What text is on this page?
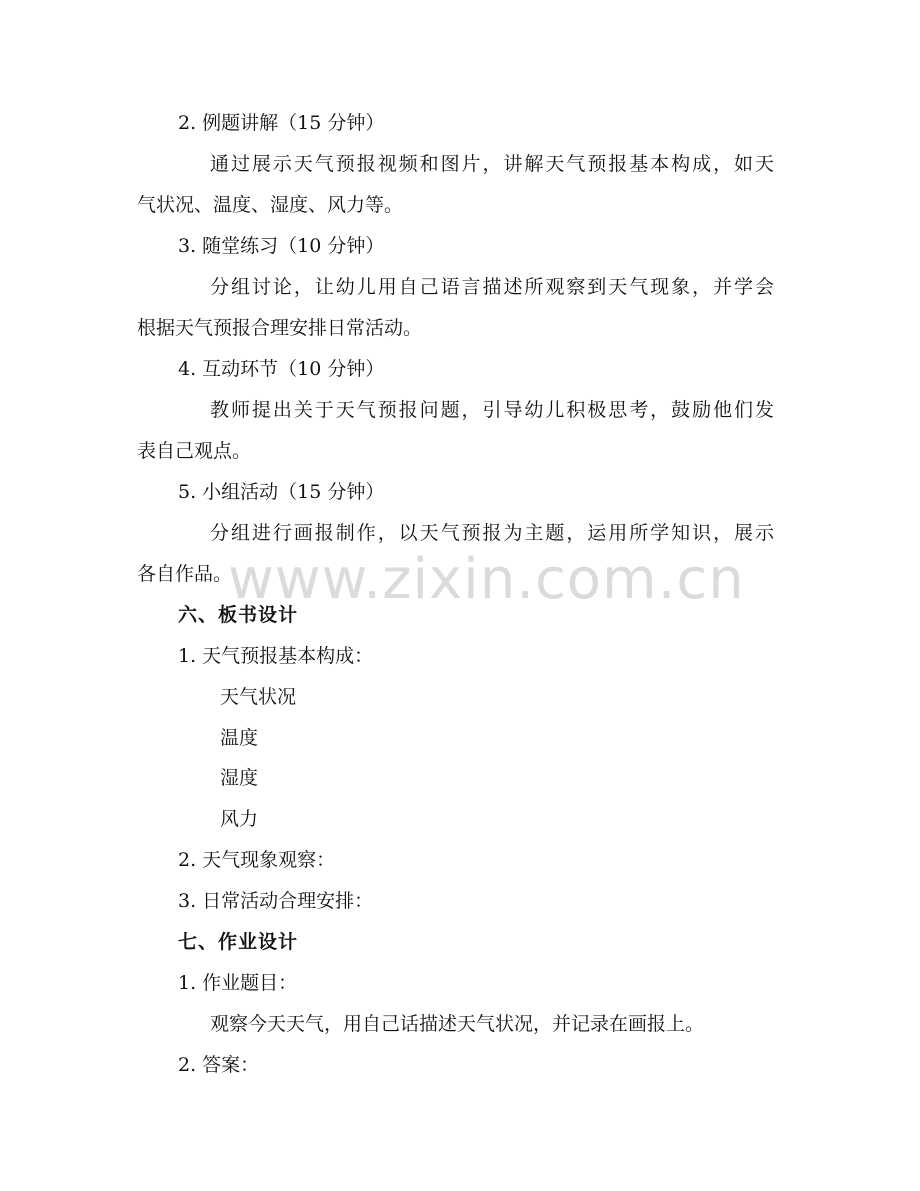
2. 例题讲解（15 分钟）
通过展示天气预报视频和图片，讲解天气预报基本构成，如天
气状况、温度、湿度、风力等。
3. 随堂练习（10 分钟）
分组讨论，让幼儿用自己语言描述所观察到天气现象，并学会
根据天气预报合理安排日常活动。
4. 互动环节（10 分钟）
教师提出关于天气预报问题，引导幼儿积极思考，鼓励他们发
表自己观点。
5. 小组活动（15 分钟）
分组进行画报制作，以天气预报为主题，运用所学知识，展示
各自作品。
六、板书设计
1. 天气预报基本构成：
天气状况
温度
湿度
风力
2. 天气现象观察：
3. 日常活动合理安排：
七、作业设计
1. 作业题目：
观察今天天气，用自己话描述天气状况，并记录在画报上。
2. 答案：
www.zixin.com.cn
